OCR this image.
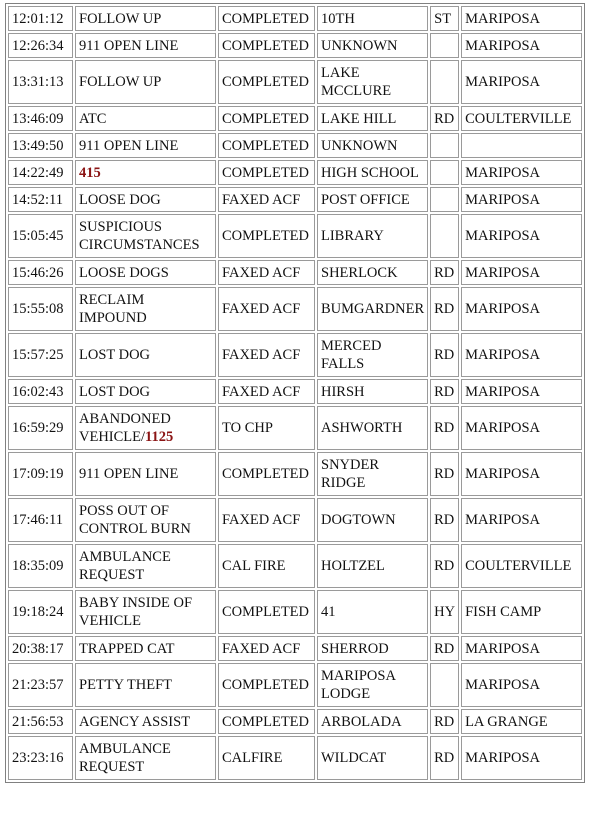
12:01:12	FOLLOW UP	COMPLETED	10TH	ST	MARIPOSA
12:26:34	911 OPEN LINE	COMPLETED	UNKNOWN		MARIPOSA
13:31:13	FOLLOW UP	COMPLETED	LAKE MCCLURE		MARIPOSA
13:46:09	ATC	COMPLETED	LAKE HILL	RD	COULTERVILLE
13:49:50	911 OPEN LINE	COMPLETED	UNKNOWN		
14:22:49	415	COMPLETED	HIGH SCHOOL		MARIPOSA
14:52:11	LOOSE DOG	FAXED ACF	POST OFFICE		MARIPOSA
15:05:45	SUSPICIOUS CIRCUMSTANCES	COMPLETED	LIBRARY		MARIPOSA
15:46:26	LOOSE DOGS	FAXED ACF	SHERLOCK	RD	MARIPOSA
15:55:08	RECLAIM IMPOUND	FAXED ACF	BUMGARDNER	RD	MARIPOSA
15:57:25	LOST DOG	FAXED ACF	MERCED FALLS	RD	MARIPOSA
16:02:43	LOST DOG	FAXED ACF	HIRSH	RD	MARIPOSA
16:59:29	ABANDONED VEHICLE/1125	TO CHP	ASHWORTH	RD	MARIPOSA
17:09:19	911 OPEN LINE	COMPLETED	SNYDER RIDGE	RD	MARIPOSA
17:46:11	POSS OUT OF CONTROL BURN	FAXED ACF	DOGTOWN	RD	MARIPOSA
18:35:09	AMBULANCE REQUEST	CAL FIRE	HOLTZEL	RD	COULTERVILLE
19:18:24	BABY INSIDE OF VEHICLE	COMPLETED	41	HY	FISH CAMP
20:38:17	TRAPPED CAT	FAXED ACF	SHERROD	RD	MARIPOSA
21:23:57	PETTY THEFT	COMPLETED	MARIPOSA LODGE		MARIPOSA
21:56:53	AGENCY ASSIST	COMPLETED	ARBOLADA	RD	LA GRANGE
23:23:16	AMBULANCE REQUEST	CALFIRE	WILDCAT	RD	MARIPOSA
